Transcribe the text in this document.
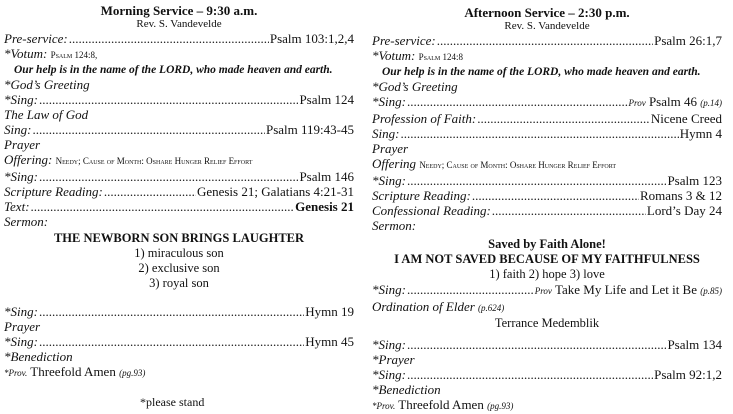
Morning Service – 9:30 a.m.
Rev. S. Vandevelde
Pre-service: .....	Psalm 103:1,2,4
*Votum: Psalm 124:8,
Our help is in the name of the LORD, who made heaven and earth.
*God’s Greeting
*Sing: .....	Psalm 124
The Law of God
Sing: .....	Psalm 119:43-45
Prayer
Offering: Needy; Cause of Month: Oshare Hunger Relief Effort
*Sing: .....	Psalm 146
Scripture Reading: .....	Genesis 21; Galatians 4:21-31
Text: .....	Genesis 21
Sermon:
THE NEWBORN SON BRINGS LAUGHTER
1) miraculous son
2) exclusive son
3) royal son
*Sing: .....	Hymn 19
Prayer
*Sing: .....	Hymn 45
*Benediction
*Prov. Threefold Amen (pg.93)
*please stand
Afternoon Service – 2:30 p.m.
Rev. S. Vandevelde
Pre-service: .....	Psalm 26:1,7
*Votum: Psalm 124:8
Our help is in the name of the LORD, who made heaven and earth.
*God’s Greeting
*Sing: .....	Prov Psalm 46 (p.14)
Profession of Faith: .....	Nicene Creed
Sing: .....	Hymn 4
Prayer
Offering Needy; Cause of Month: Oshare Hunger Relief Effort
*Sing: .....	Psalm 123
Scripture Reading: .....	Romans 3 & 12
Confessional Reading: .....	Lord’s Day 24
Sermon:
Saved by Faith Alone!
I AM NOT SAVED BECAUSE OF MY FAITHFULNESS
1) faith 2) hope 3) love
*Sing: .....	Prov Take My Life and Let it Be (p.85)
Ordination of Elder (p.624)
Terrance Medemblik
*Sing: .....	Psalm 134
*Prayer
*Sing: .....	Psalm 92:1,2
*Benediction
*Prov. Threefold Amen (pg.93)
